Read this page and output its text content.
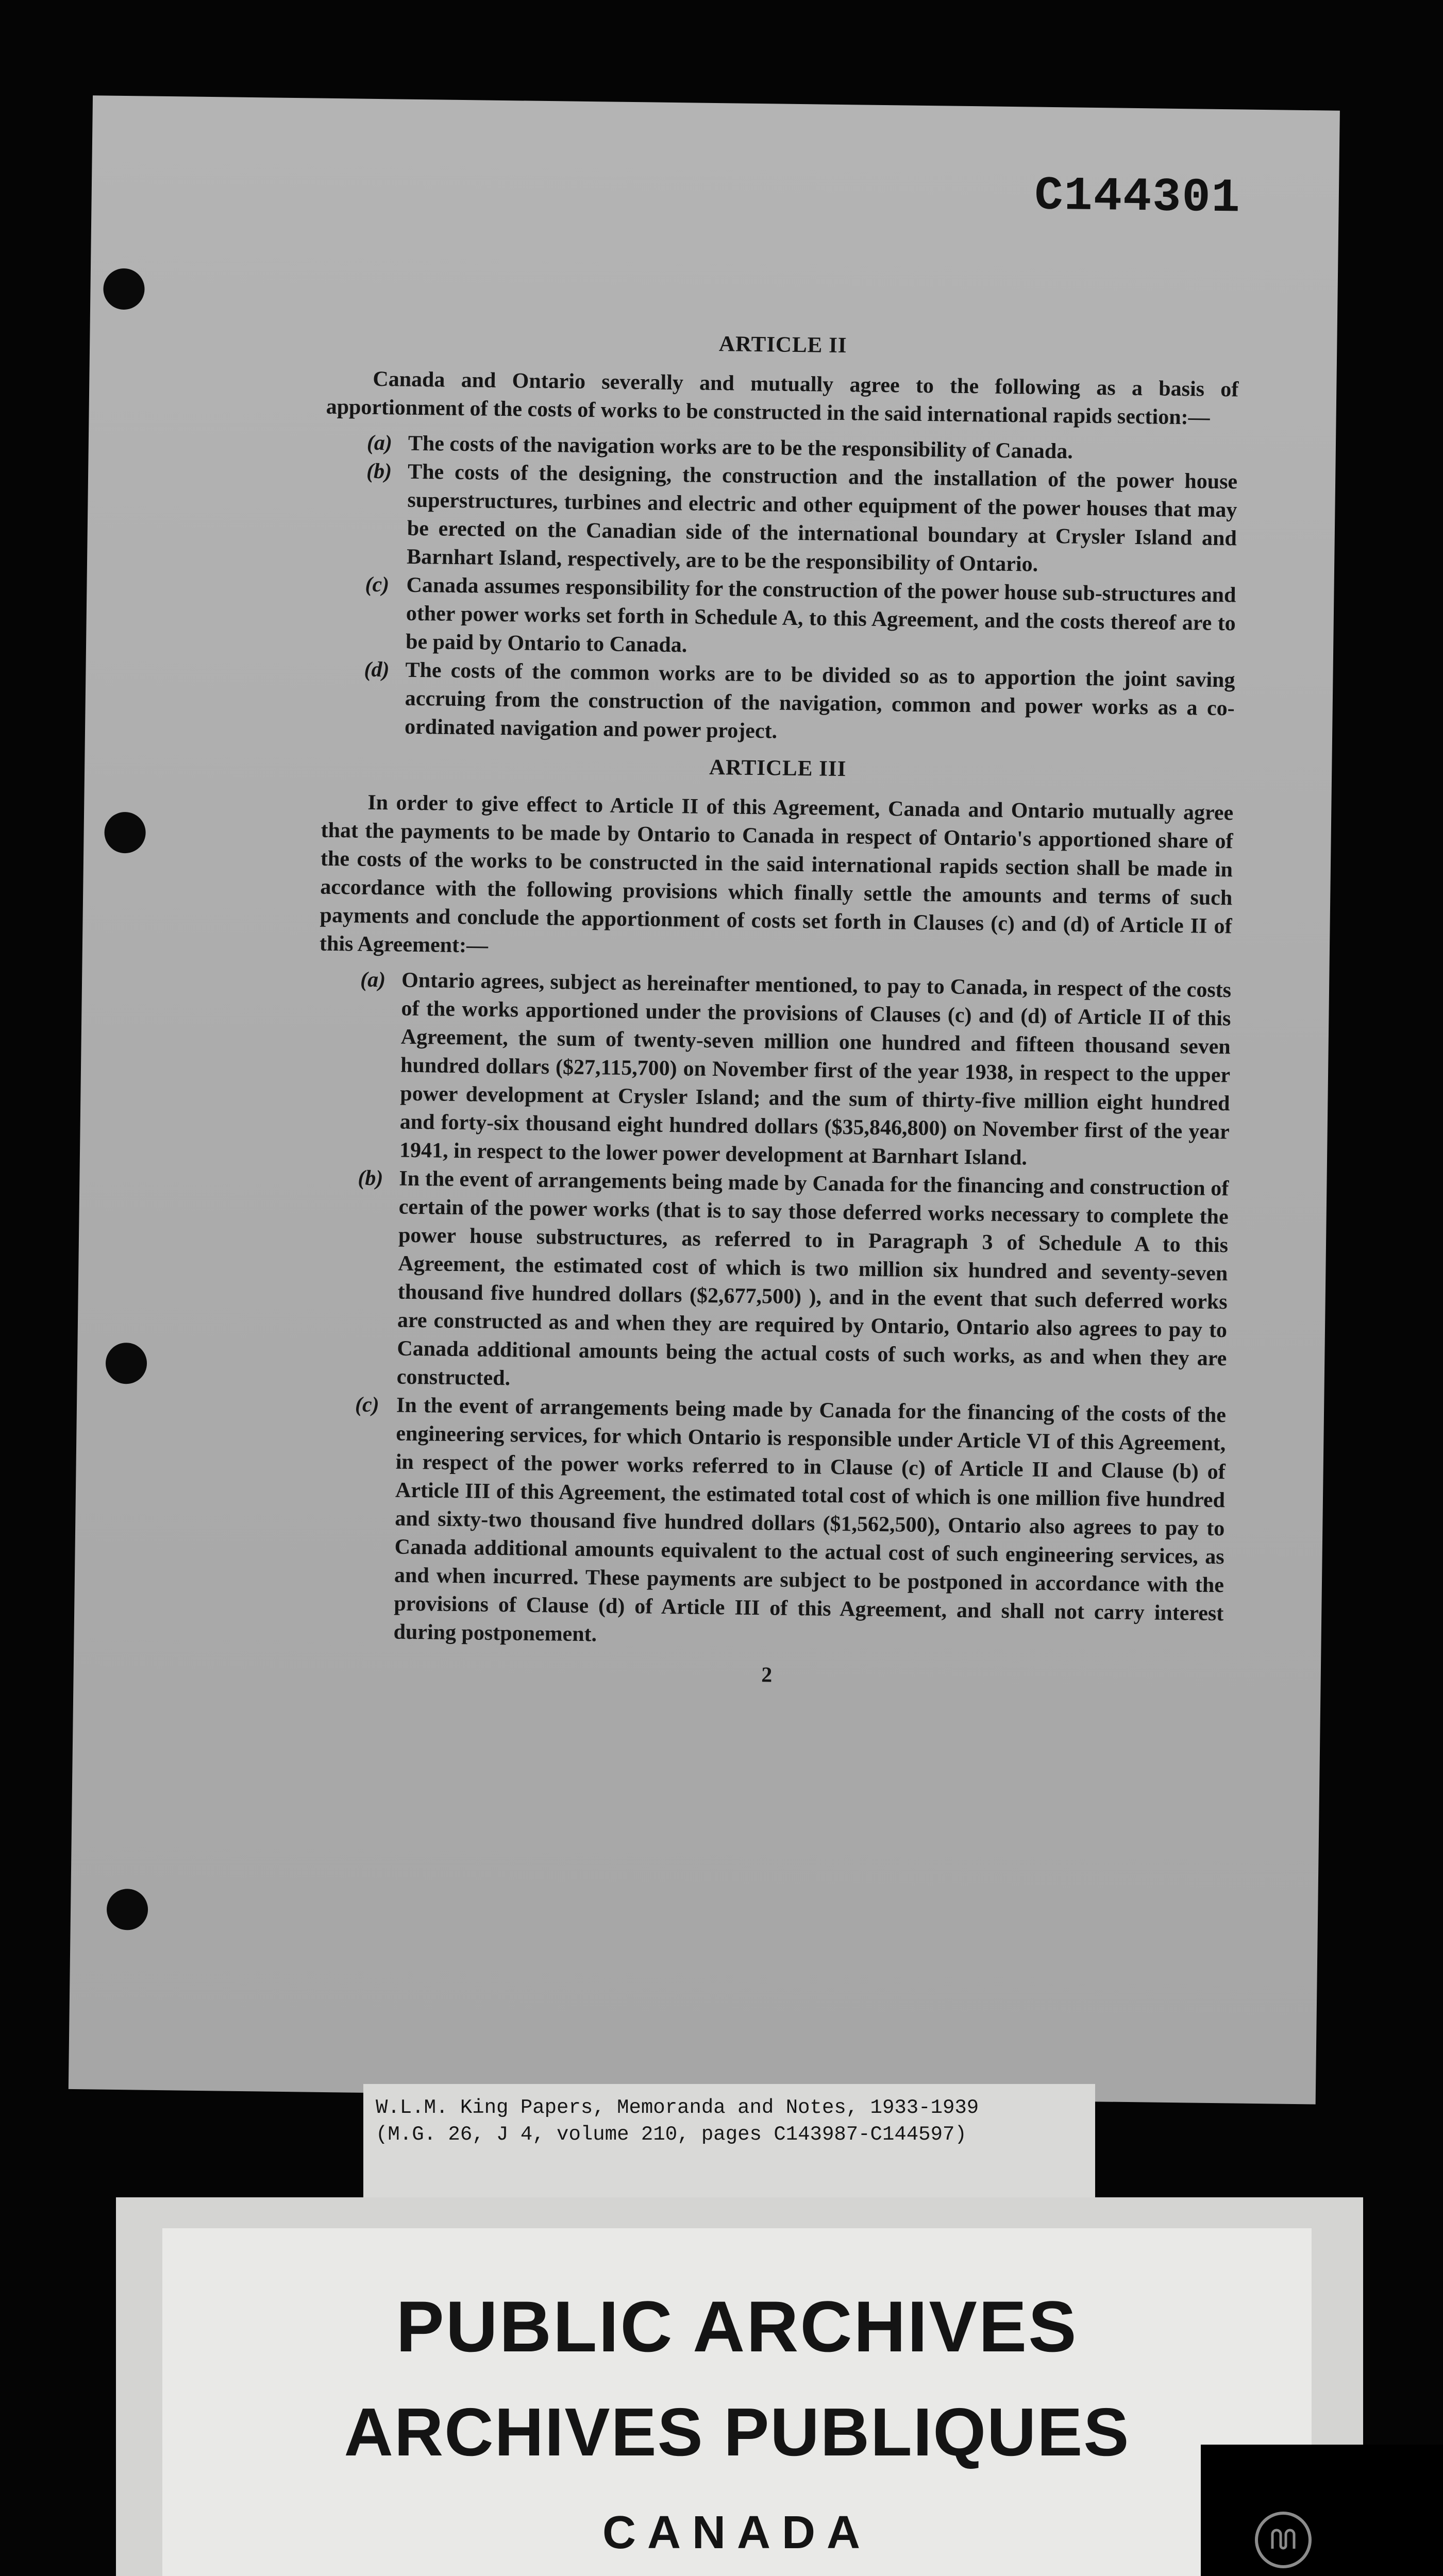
C144301
ARTICLE II

Canada and Ontario severally and mutually agree to the following as a basis of apportionment of the costs of works to be constructed in the said international rapids section:—

(a) The costs of the navigation works are to be the responsibility of Canada.
(b) The costs of the designing, the construction and the installation of the power house superstructures, turbines and electric and other equipment of the power houses that may be erected on the Canadian side of the international boundary at Crysler Island and Barnhart Island, respectively, are to be the responsibility of Ontario.
(c) Canada assumes responsibility for the construction of the power house sub-structures and other power works set forth in Schedule A, to this Agreement, and the costs thereof are to be paid by Ontario to Canada.
(d) The costs of the common works are to be divided so as to apportion the joint saving accruing from the construction of the navigation, common and power works as a co-ordinated navigation and power project.
ARTICLE III

In order to give effect to Article II of this Agreement, Canada and Ontario mutually agree that the payments to be made by Ontario to Canada in respect of Ontario's apportioned share of the costs of the works to be constructed in the said international rapids section shall be made in accordance with the following provisions which finally settle the amounts and terms of such payments and conclude the apportionment of costs set forth in Clauses (c) and (d) of Article II of this Agreement:—

(a) Ontario agrees, subject as hereinafter mentioned, to pay to Canada, in respect of the costs of the works apportioned under the provisions of Clauses (c) and (d) of Article II of this Agreement, the sum of twenty-seven million one hundred and fifteen thousand seven hundred dollars ($27,115,700) on November first of the year 1938, in respect to the upper power development at Crysler Island; and the sum of thirty-five million eight hundred and forty-six thousand eight hundred dollars ($35,846,800) on November first of the year 1941, in respect to the lower power development at Barnhart Island.
(b) In the event of arrangements being made by Canada for the financing and construction of certain of the power works (that is to say those deferred works necessary to complete the power house substructures, as referred to in Paragraph 3 of Schedule A to this Agreement, the estimated cost of which is two million six hundred and seventy-seven thousand five hundred dollars ($2,677,500) ), and in the event that such deferred works are constructed as and when they are required by Ontario, Ontario also agrees to pay to Canada additional amounts being the actual costs of such works, as and when they are constructed.
(c) In the event of arrangements being made by Canada for the financing of the costs of the engineering services, for which Ontario is responsible under Article VI of this Agreement, in respect of the power works referred to in Clause (c) of Article II and Clause (b) of Article III of this Agreement, the estimated total cost of which is one million five hundred and sixty-two thousand five hundred dollars ($1,562,500), Ontario also agrees to pay to Canada additional amounts equivalent to the actual cost of such engineering services, as and when incurred. These payments are subject to be postponed in accordance with the provisions of Clause (d) of Article III of this Agreement, and shall not carry interest during postponement.
2
W.L.M. King Papers, Memoranda and Notes, 1933-1939
(M.G. 26, J 4, volume 210, pages C143987-C144597)
PUBLIC ARCHIVES
ARCHIVES PUBLIQUES
CANADA
